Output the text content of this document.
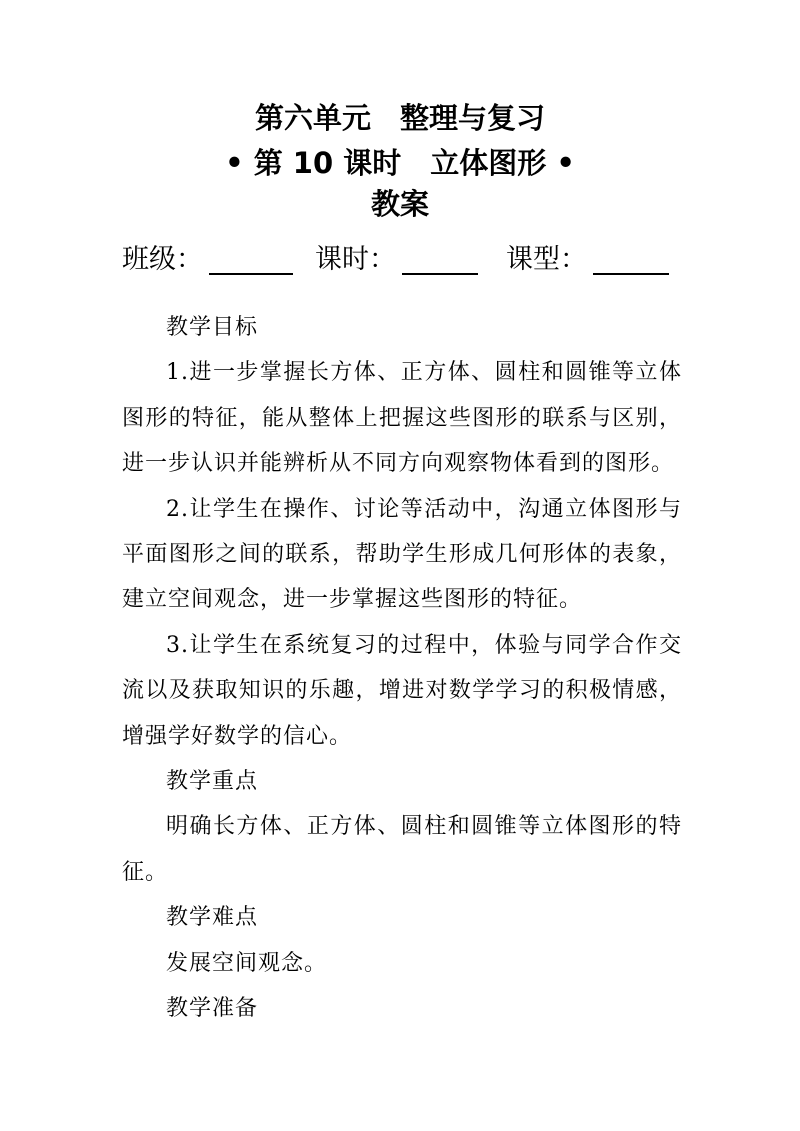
第六单元　整理与复习
• 第 10 课时　立体图形 •
教案
班级：	课时：	课型：

教学目标

1.进一步掌握长方体、正方体、圆柱和圆锥等立体图形的特征，能从整体上把握这些图形的联系与区别，进一步认识并能辨析从不同方向观察物体看到的图形。

2.让学生在操作、讨论等活动中，沟通立体图形与平面图形之间的联系，帮助学生形成几何形体的表象，建立空间观念，进一步掌握这些图形的特征。

3.让学生在系统复习的过程中，体验与同学合作交流以及获取知识的乐趣，增进对数学学习的积极情感，增强学好数学的信心。

教学重点

明确长方体、正方体、圆柱和圆锥等立体图形的特征。

教学难点

发展空间观念。

教学准备
